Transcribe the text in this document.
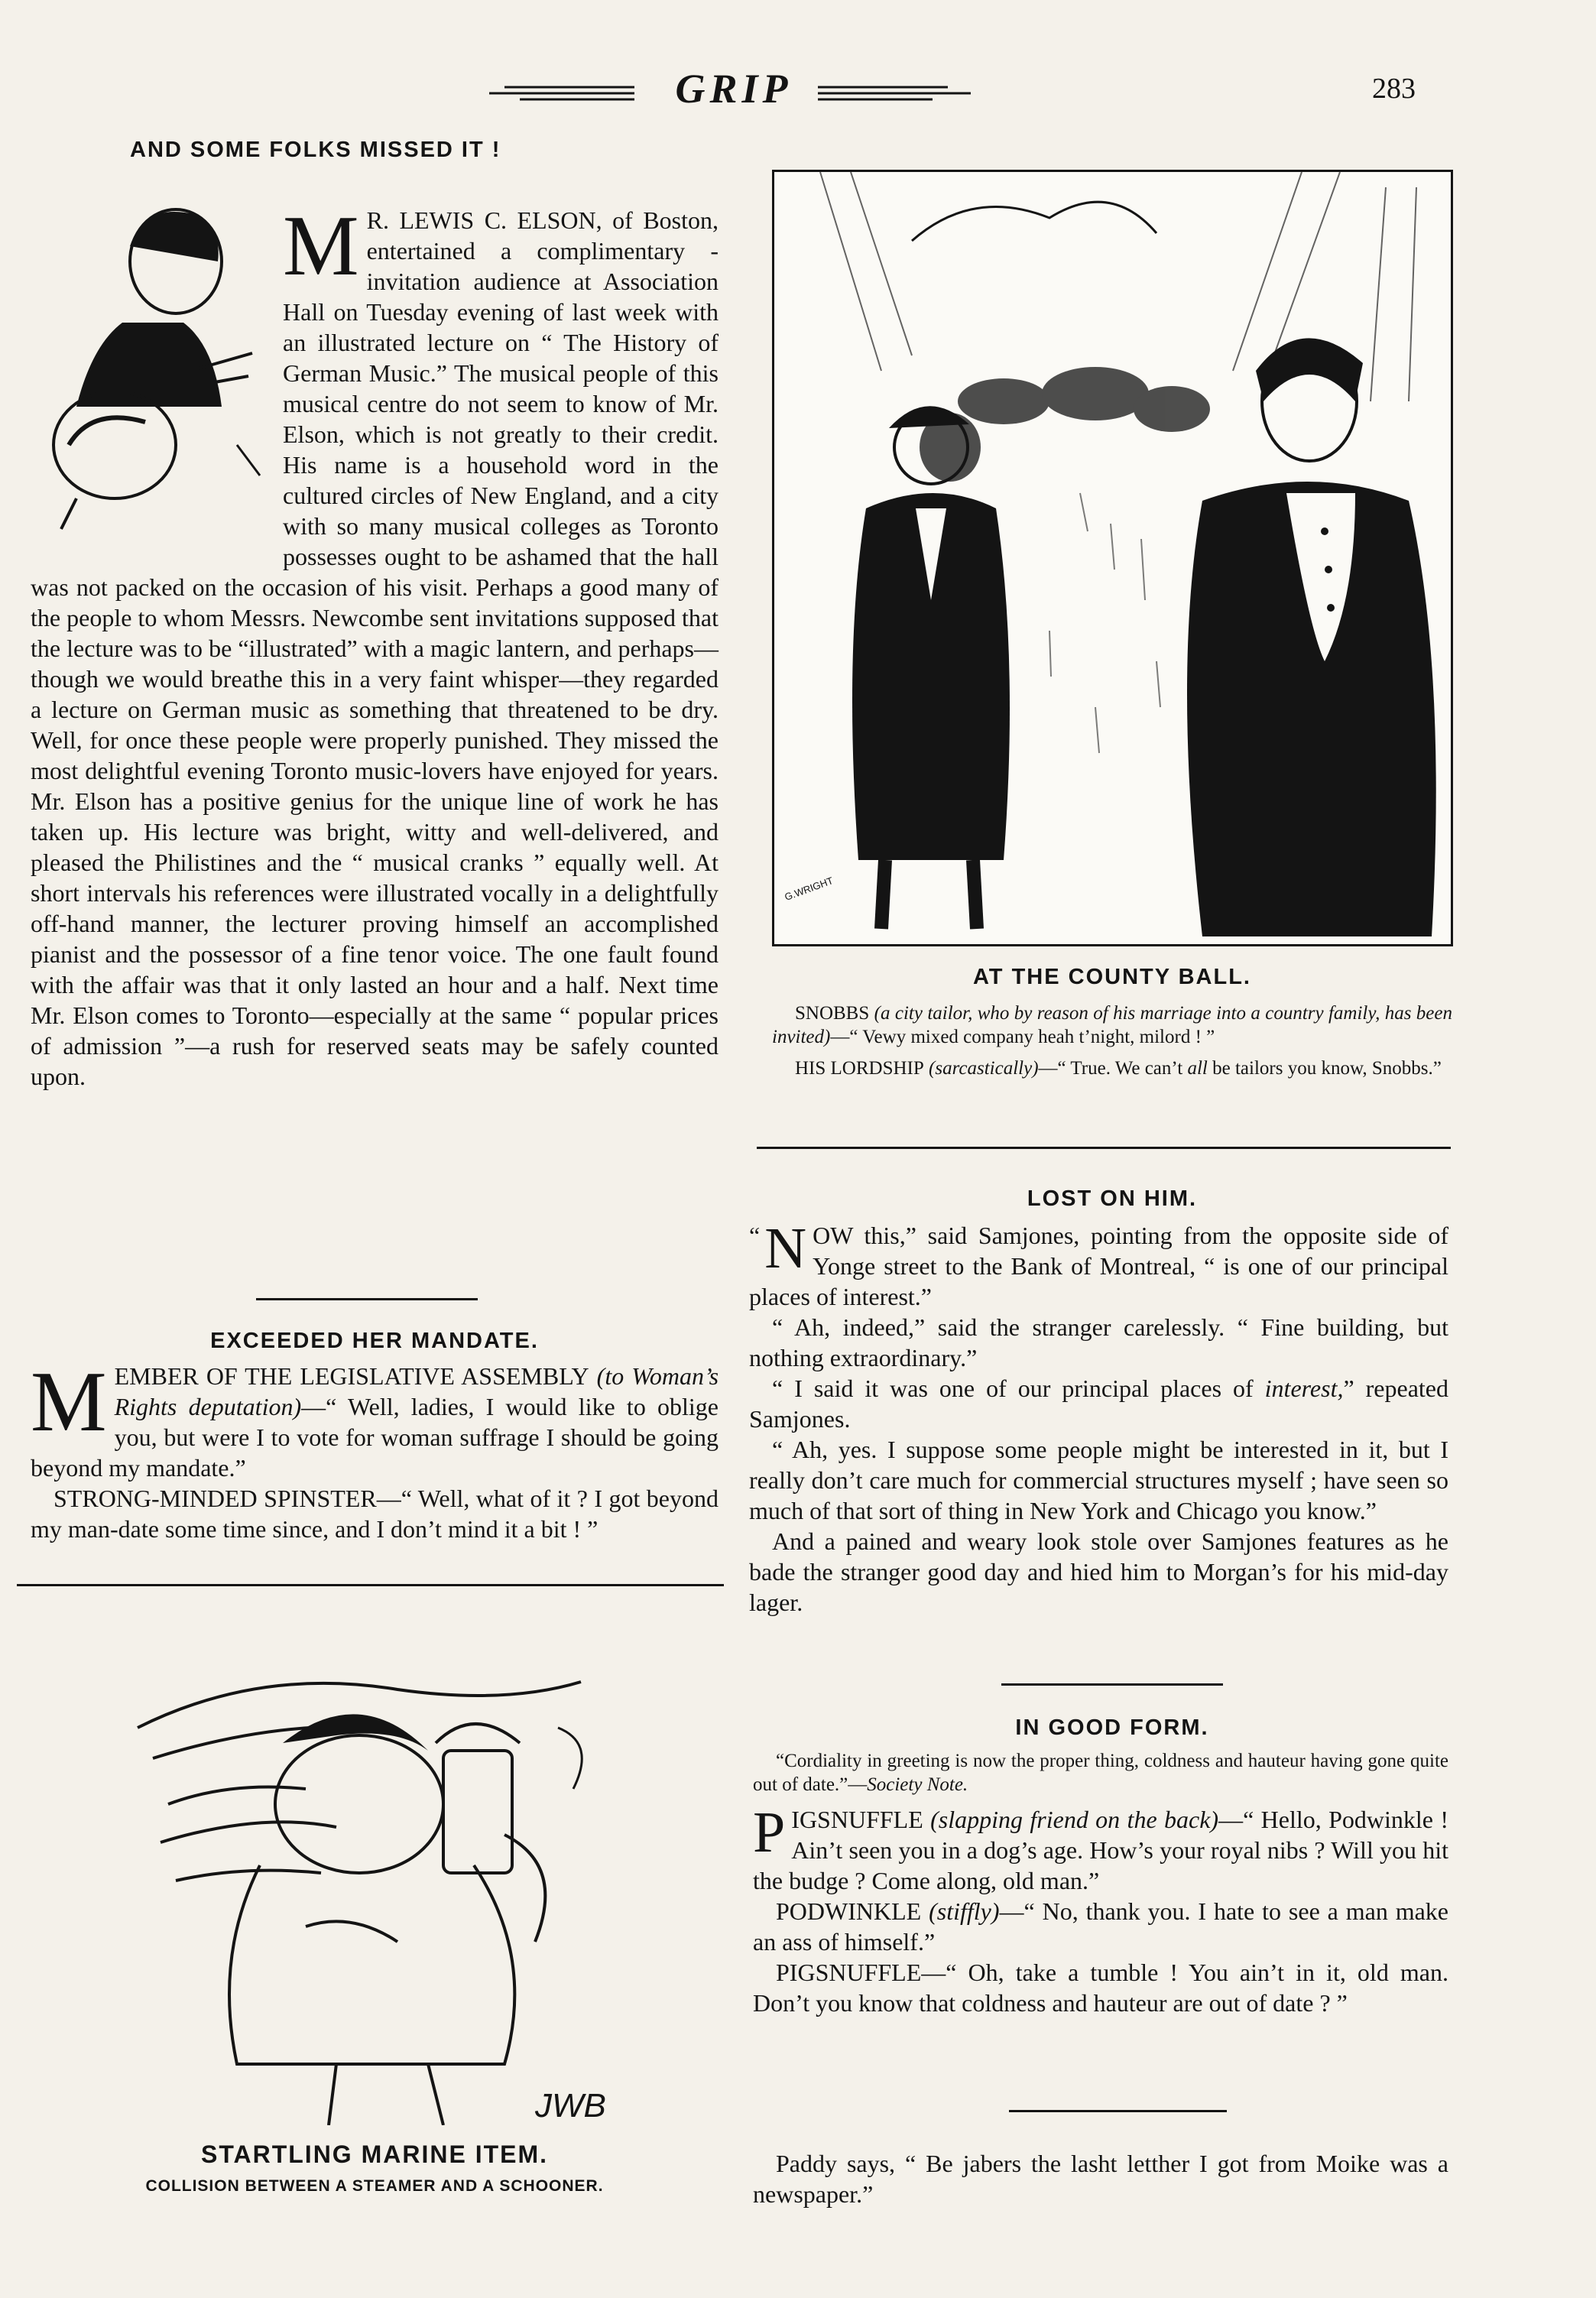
GRIP	283
AND SOME FOLKS MISSED IT !
M R. LEWIS C. ELSON, of Boston, entertained a complimentary - invitation audience at Association Hall on Tuesday evening of last week with an illustrated lecture on “ The History of German Music.” The musical people of this musical centre do not seem to know of Mr. Elson, which is not greatly to their credit. His name is a household word in the cultured circles of New England, and a city with so many musical colleges as Toronto possesses ought to be ashamed that the hall was not packed on the occasion of his visit. Perhaps a good many of the people to whom Messrs. Newcombe sent invitations supposed that the lecture was to be “illustrated” with a magic lantern, and perhaps—though we would breathe this in a very faint whisper—they regarded a lecture on German music as something that threatened to be dry. Well, for once these people were properly punished. They missed the most delightful evening Toronto music-lovers have enjoyed for years. Mr. Elson has a positive genius for the unique line of work he has taken up. His lecture was bright, witty and well-delivered, and pleased the Philistines and the “ musical cranks ” equally well. At short intervals his references were illustrated vocally in a delightfully off-hand manner, the lecturer proving himself an accomplished pianist and the possessor of a fine tenor voice. The one fault found with the affair was that it only lasted an hour and a half. Next time Mr. Elson comes to Toronto—especially at the same “ popular prices of admission ”—a rush for reserved seats may be safely counted upon.
EXCEEDED HER MANDATE.

MEMBER OF THE LEGISLATIVE ASSEMBLY (to Woman’s Rights deputation)—“ Well, ladies, I would like to oblige you, but were I to vote for woman suffrage I should be going beyond my mandate.”

STRONG-MINDED SPINSTER—“ Well, what of it ? I got beyond my man-date some time since, and I don’t mind it a bit ! ”

JWB
STARTLING MARINE ITEM.
COLLISION BETWEEN A STEAMER AND A SCHOONER.
G.WRIGHT
AT THE COUNTY BALL.

SNOBBS (a city tailor, who by reason of his marriage into a country family, has been invited)—“ Vewy mixed company heah t’night, milord ! ”

HIS LORDSHIP (sarcastically)—“ True. We can’t all be tailors you know, Snobbs.”

LOST ON HIM.

“ N OW this,” said Samjones, pointing from the opposite side of Yonge street to the Bank of Montreal, “ is one of our principal places of interest.”

“ Ah, indeed,” said the stranger carelessly. “ Fine building, but nothing extraordinary.”

“ I said it was one of our principal places of interest,” repeated Samjones.

“ Ah, yes. I suppose some people might be interested in it, but I really don’t care much for commercial structures myself ; have seen so much of that sort of thing in New York and Chicago you know.”

And a pained and weary look stole over Samjones features as he bade the stranger good day and hied him to Morgan’s for his mid-day lager.

IN GOOD FORM.
“Cordiality in greeting is now the proper thing, coldness and hauteur having gone quite out of date.”—Society Note.

PIGSNUFFLE (slapping friend on the back)—“ Hello, Podwinkle ! Ain’t seen you in a dog’s age. How’s your royal nibs ? Will you hit the budge ? Come along, old man.”

PODWINKLE (stiffly)—“ No, thank you. I hate to see a man make an ass of himself.”

PIGSNUFFLE—“ Oh, take a tumble ! You ain’t in it, old man. Don’t you know that coldness and hauteur are out of date ? ”

Paddy says, “ Be jabers the lasht letther I got from Moike was a newspaper.”
